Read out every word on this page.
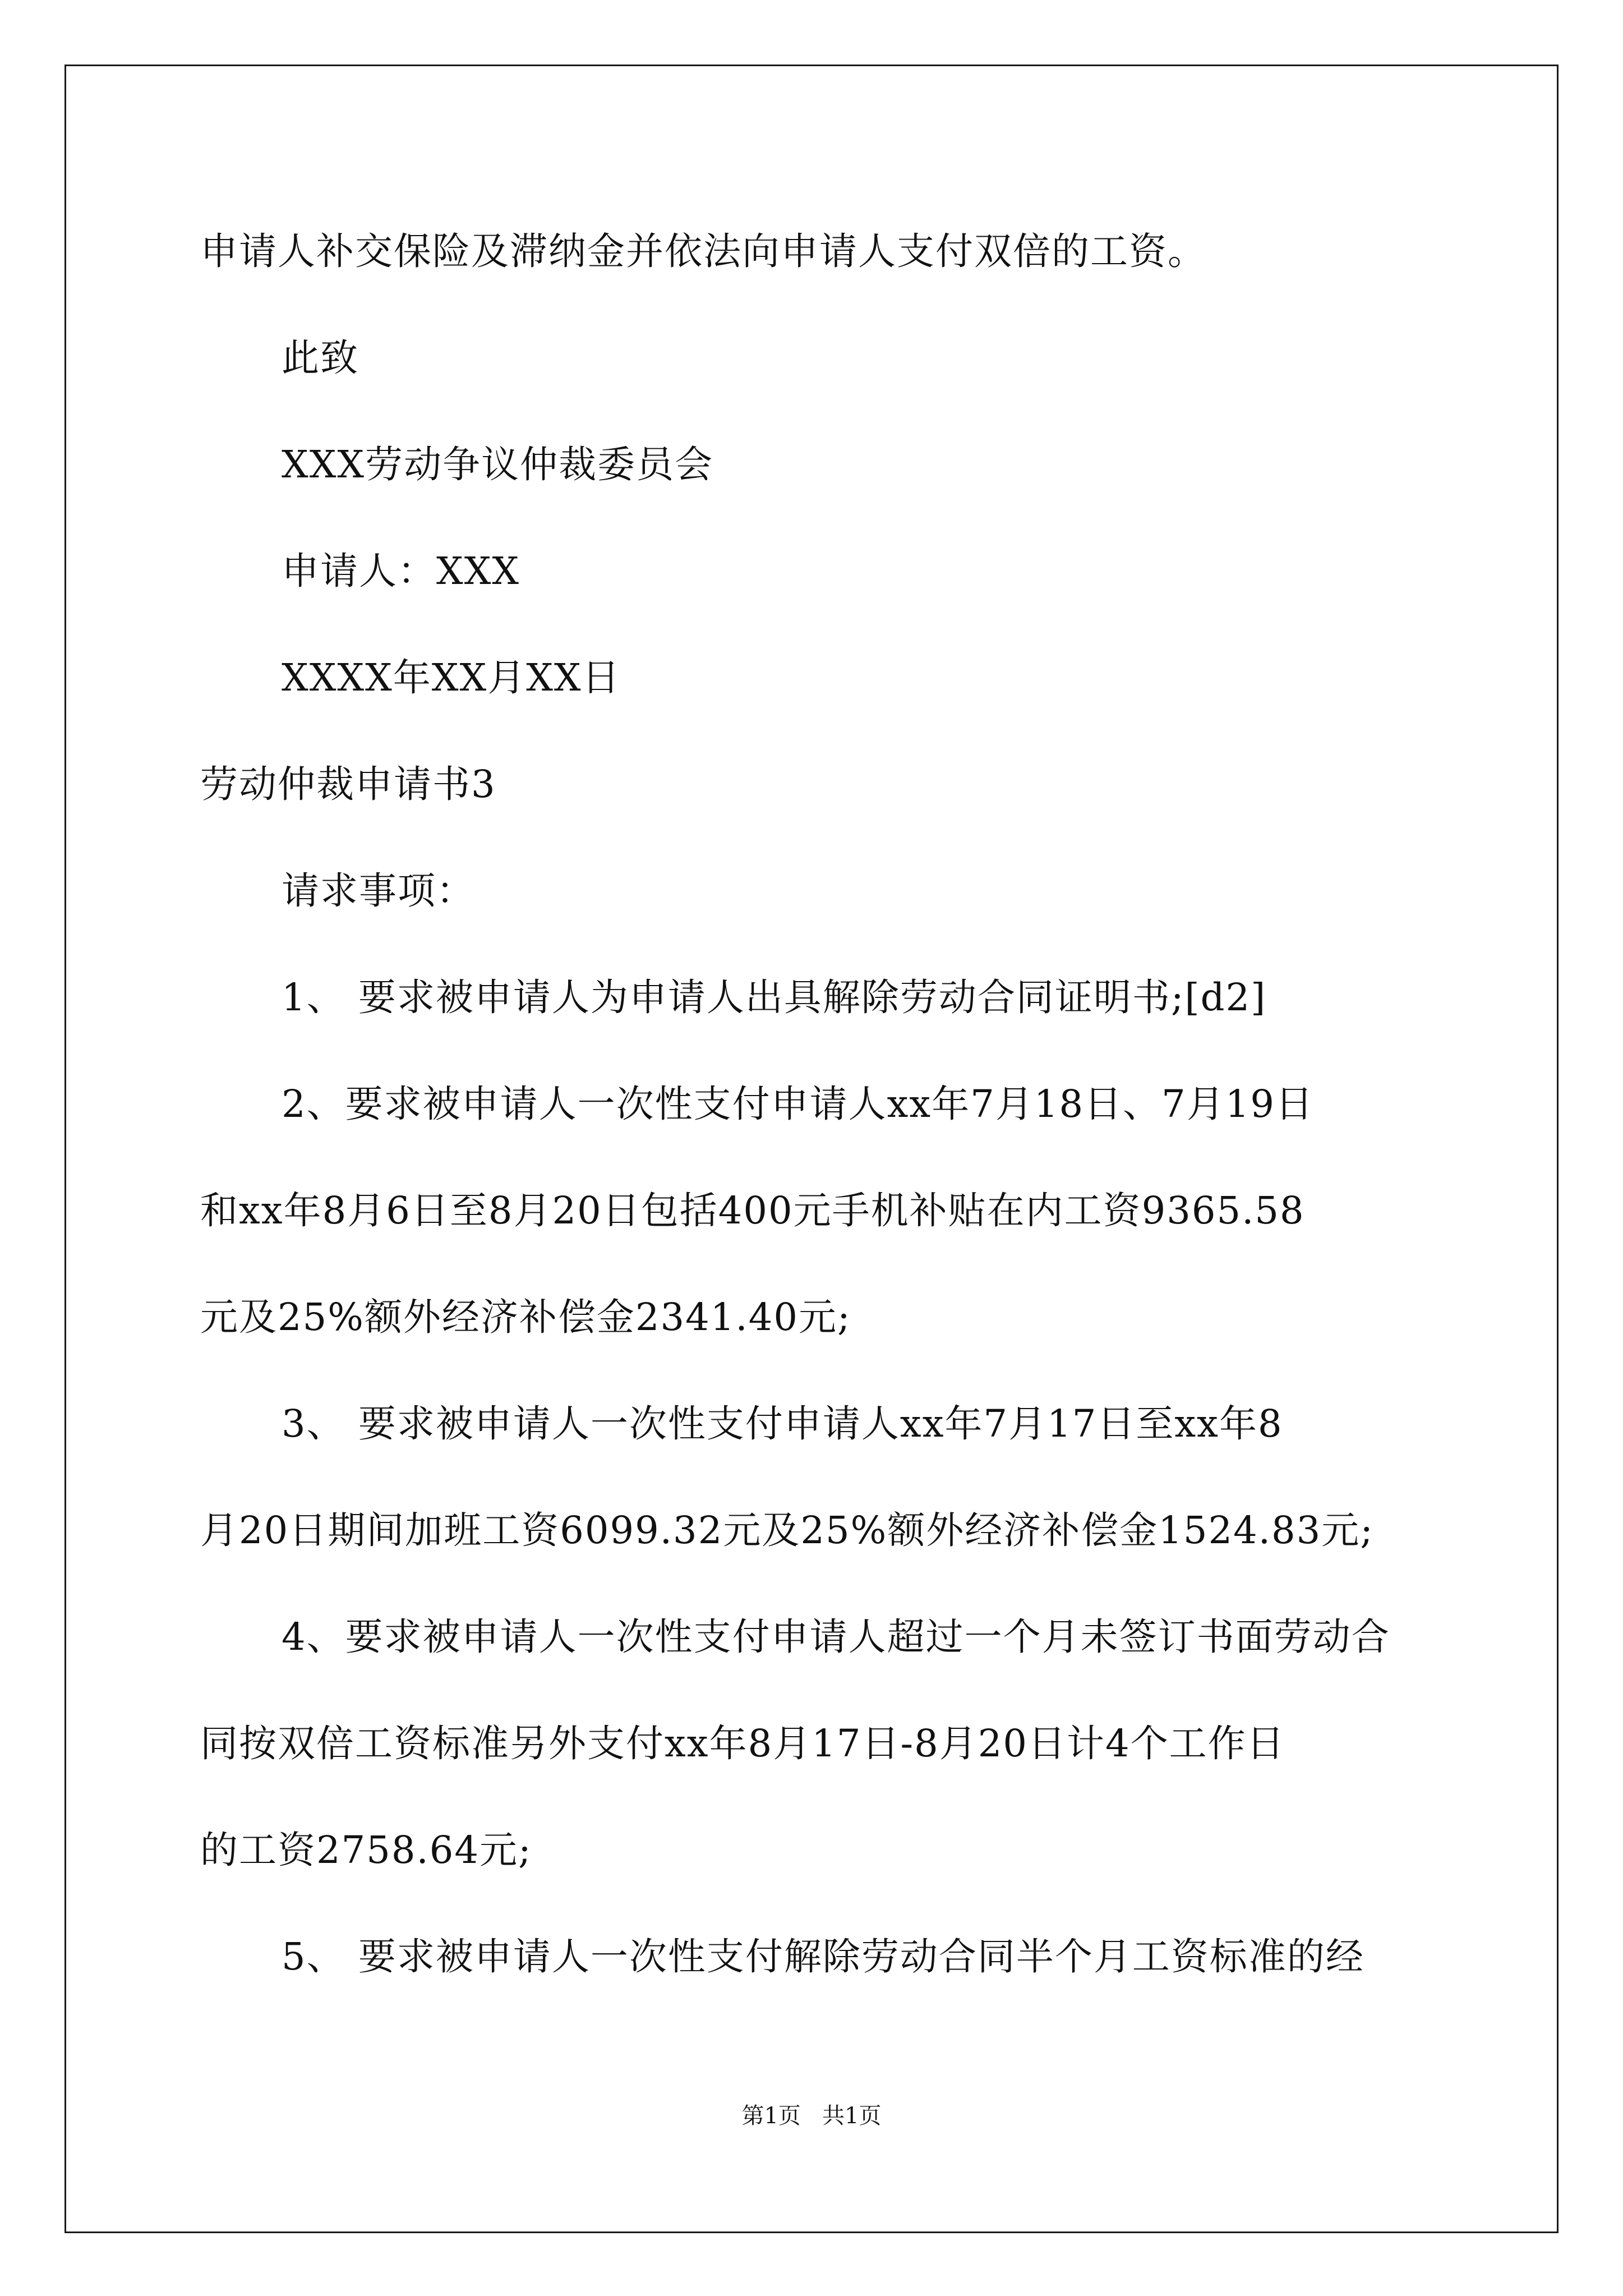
申请人补交保险及滞纳金并依法向申请人支付双倍的工资。
此致
XXX劳动争议仲裁委员会
申请人：XXX
XXXX年XX月XX日
劳动仲裁申请书3
请求事项：
1、 要求被申请人为申请人出具解除劳动合同证明书;[d2]
2、要求被申请人一次性支付申请人xx年7月18日、7月19日
和xx年8月6日至8月20日包括400元手机补贴在内工资9365.58
元及25%额外经济补偿金2341.40元;
3、 要求被申请人一次性支付申请人xx年7月17日至xx年8
月20日期间加班工资6099.32元及25%额外经济补偿金1524.83元;
4、要求被申请人一次性支付申请人超过一个月未签订书面劳动合
同按双倍工资标准另外支付xx年8月17日-8月20日计4个工作日
的工资2758.64元;
5、 要求被申请人一次性支付解除劳动合同半个月工资标准的经
第1页   共1页
